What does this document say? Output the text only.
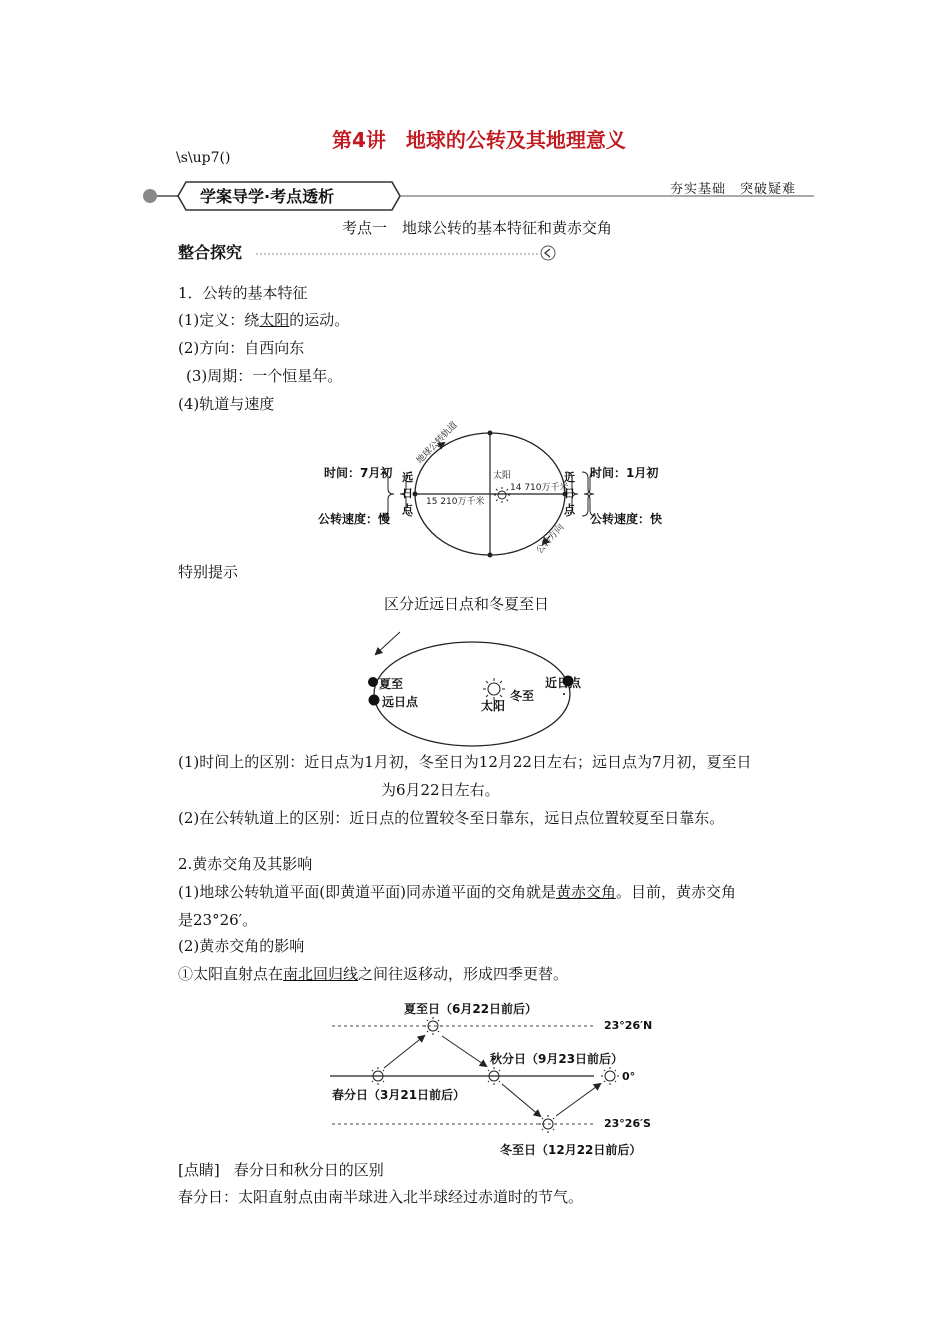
第4讲　地球的公转及其地理意义
\s\up7()
学案导学·考点透析	夯实基础　突破疑难
考点一　地球公转的基本特征和黄赤交角
整合探究
1．公转的基本特征
(1)定义：绕太阳的运动。
(2)方向：自西向东
(3)周期：一个恒星年。
(4)轨道与速度
地球公转轨道
太阳
15 210万千米
14 710万千米
公转方向
远日点
近日点
时间：7月初
公转速度：慢
时间：1月初
公转速度：快
特别提示
区分近远日点和冬夏至日
夏至
远日点	太阳
冬至
近日点
(1)时间上的区别：近日点为1月初，冬至日为12月22日左右；远日点为7月初，夏至日
为6月22日左右。
(2)在公转轨道上的区别：近日点的位置较冬至日靠东，远日点位置较夏至日靠东。
2.黄赤交角及其影响
(1)地球公转轨道平面(即黄道平面)同赤道平面的交角就是黄赤交角。目前，黄赤交角
是23°26′。
(2)黄赤交角的影响
①太阳直射点在南北回归线之间往返移动，形成四季更替。
夏至日（6月22日前后）
23°26′N
秋分日（9月23日前后）
0°
春分日（3月21日前后）
23°26′S
冬至日（12月22日前后）
[点睛] 春分日和秋分日的区别
春分日：太阳直射点由南半球进入北半球经过赤道时的节气。
